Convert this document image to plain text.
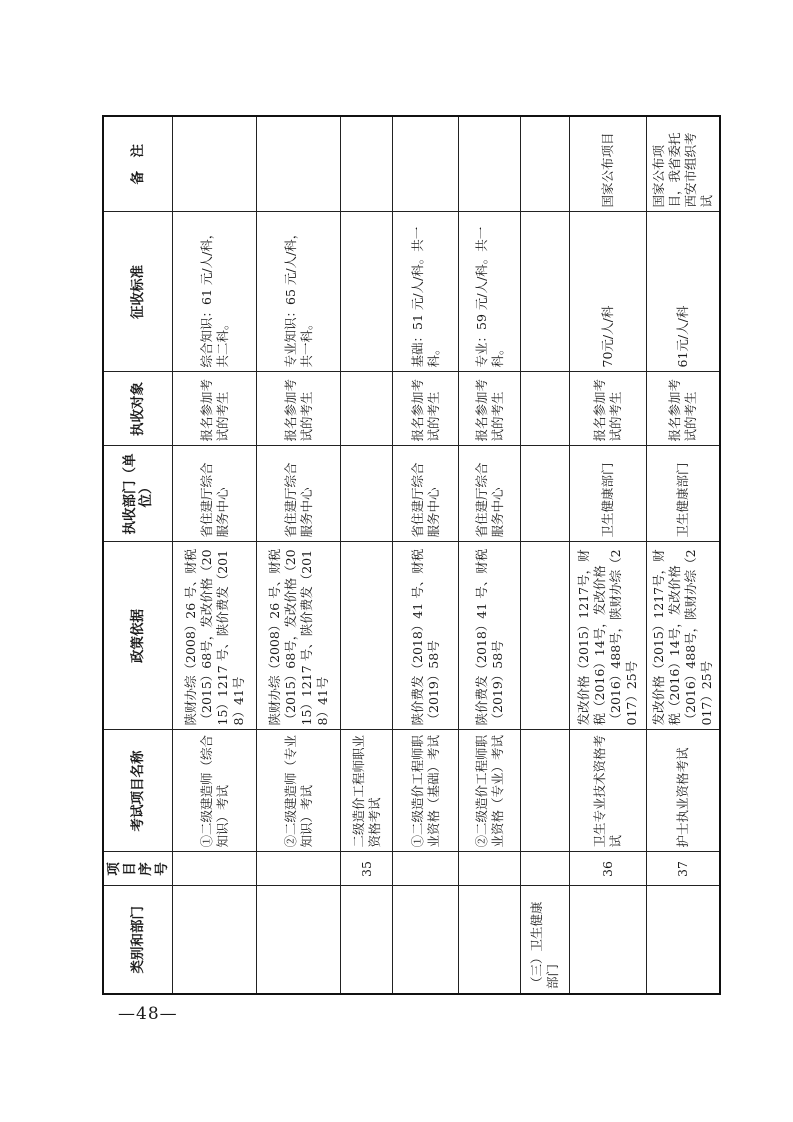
—48—
类别和部门	项目序号	考试项目名称	政策依据	执收部门（单位）	执收对象	征收标准	备　注
		①二级建造师（综合知识）考试	陕财办综（2008）26 号、财税（2015）68号，发改价格（2015）1217 号、陕价费发（2018）41号	省住建厅综合服务中心	报名参加考试的考生	综合知识：61 元/人/科，共二科。	
		②二级建造师（专业知识）考试	陕财办综（2008）26 号、财税（2015）68号，发改价格（2015）1217 号、陕价费发（2018）41号	省住建厅综合服务中心	报名参加考试的考生	专业知识：65 元/人/科，共一科。	
	35	二级造价工程师职业资格考试					
		①二级造价工程师职业资格（基础）考试	陕价费发（2018）41 号、财税（2019）58号	省住建厅综合服务中心	报名参加考试的考生	基础：51 元/人/科。共一科。	
		②二级造价工程师职业资格（专业）考试	陕价费发（2018）41 号、财税（2019）58号	省住建厅综合服务中心	报名参加考试的考生	专业：59 元/人/科。共一科。	
（三）卫生健康部门							
	36	卫生专业技术资格考试	发改价格（2015）1217号，财税（2016）14号，发改价格（2016）488号，陕财办综（2017）25号	卫生健康部门	报名参加考试的考生	70元/人/科	国家公布项目
	37	护士执业资格考试	发改价格（2015）1217号，财税（2016）14号，发改价格（2016）488号，陕财办综（2017）25号	卫生健康部门	报名参加考试的考生	61元/人/科	国家公布项目，我省委托西安市组织考试
